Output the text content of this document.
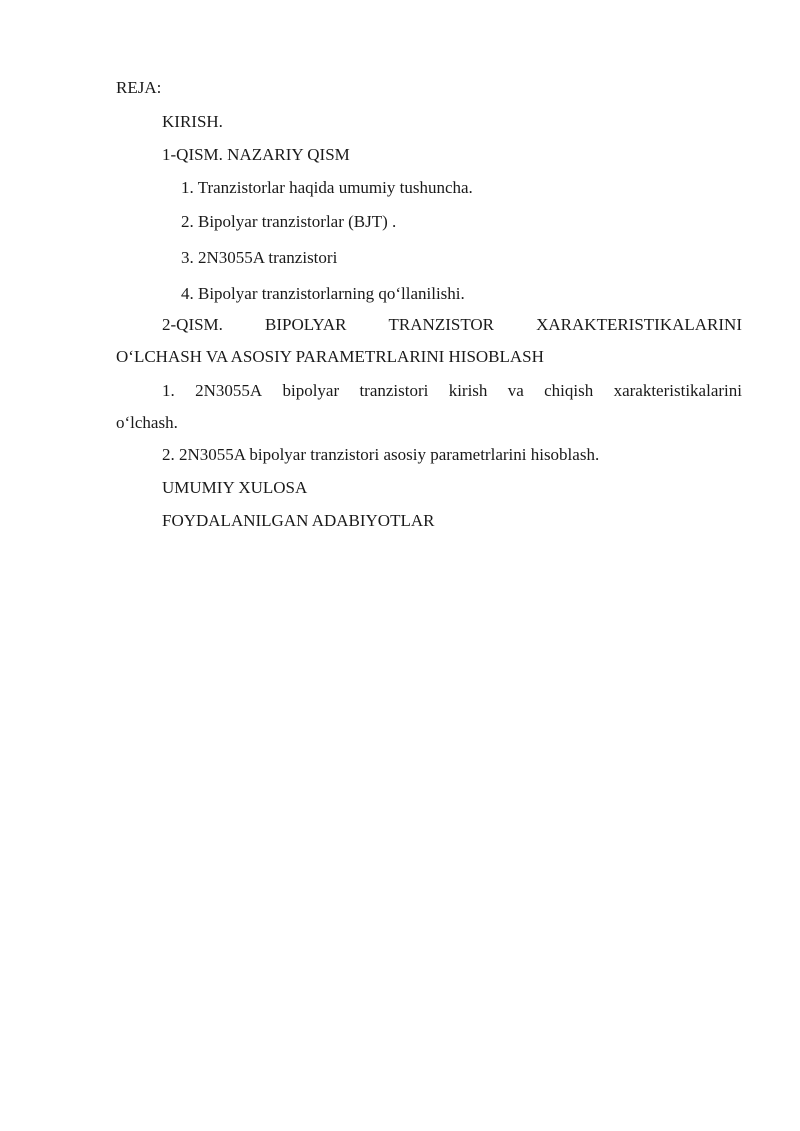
REJA:
KIRISH.
1-QISM. NAZARIY QISM
1. Tranzistorlar haqida umumiy tushuncha.
2. Bipolyar tranzistorlar (BJT) .
3. 2N3055A tranzistori
4. Bipolyar tranzistorlarning qo‘llanilishi.
2-QISM. BIPOLYAR TRANZISTOR XARAKTERISTIKALARINI
O‘LCHASH VA ASOSIY PARAMETRLARINI HISOBLASH
1. 2N3055A bipolyar tranzistori kirish va chiqish xarakteristikalarini
o‘lchash.
2. 2N3055A bipolyar tranzistori asosiy parametrlarini hisoblash.
UMUMIY XULOSA
FOYDALANILGAN ADABIYOTLAR
